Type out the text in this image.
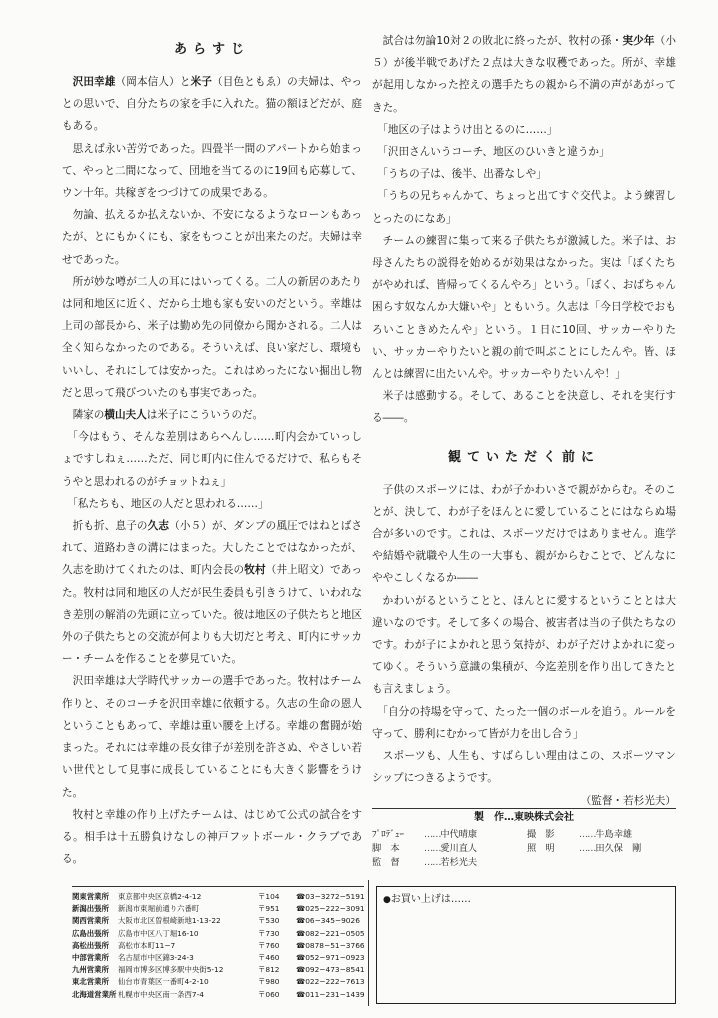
あらすじ

沢田幸雄（岡本信人）と米子（目色ともゑ）の夫婦は、やっとの思いで、自分たちの家を手に入れた。猫の額ほどだが、庭もある。

思えば永い苦労であった。四畳半一間のアパートから始まって、やっと二間になって、団地を当てるのに19回も応募して、ウン十年。共稼ぎをつづけての成果である。

勿論、払えるか払えないか、不安になるようなローンもあったが、とにもかくにも、家をもつことが出来たのだ。夫婦は幸せであった。

所が妙な噂が二人の耳にはいってくる。二人の新居のあたりは同和地区に近く、だから土地も家も安いのだという。幸雄は上司の部長から、米子は勤め先の同僚から聞かされる。二人は全く知らなかったのである。そういえば、良い家だし、環境もいいし、それにしては安かった。これはめったにない掘出し物だと思って飛びついたのも事実であった。

隣家の横山夫人は米子にこういうのだ。

「今はもう、そんな差別はあらへんし……町内会かていっしょですしねぇ……ただ、同じ町内に住んでるだけで、私らもそうやと思われるのがチョットねぇ」

「私たちも、地区の人だと思われる……」

折も折、息子の久志（小５）が、ダンプの風圧ではねとばされて、道路わきの溝にはまった。大したことではなかったが、久志を助けてくれたのは、町内会長の牧村（井上昭文）であった。牧村は同和地区の人だが民生委員も引きうけて、いわれなき差別の解消の先頭に立っていた。彼は地区の子供たちと地区外の子供たちとの交流が何よりも大切だと考え、町内にサッカー・チームを作ることを夢見ていた。

沢田幸雄は大学時代サッカーの選手であった。牧村はチーム作りと、そのコーチを沢田幸雄に依頼する。久志の生命の恩人ということもあって、幸雄は重い腰を上げる。幸雄の奮闘が始まった。それには幸雄の長女律子が差別を許さぬ、やさしい若い世代として見事に成長していることにも大きく影響をうけた。

牧村と幸雄の作り上げたチームは、はじめて公式の試合をする。相手は十五勝負けなしの神戸フットボール・クラブである。

試合は勿論10対２の敗北に終ったが、牧村の孫・実少年（小５）が後半戦であげた２点は大きな収穫であった。所が、幸雄が起用しなかった控えの選手たちの親から不満の声があがってきた。

「地区の子はようけ出とるのに……」

「沢田さんいうコーチ、地区のひいきと違うか」

「うちの子は、後半、出番なしや」

「うちの兄ちゃんかて、ちょっと出てすぐ交代よ。よう練習しとったのになあ」

チームの練習に集って来る子供たちが激減した。米子は、お母さんたちの説得を始めるが効果はなかった。実は「ぼくたちがやめれば、皆帰ってくるんやろ」という。「ぼく、おばちゃん困らす奴なんか大嫌いや」ともいう。久志は「今日学校でおもろいこときめたんや」という。１日に10回、サッカーやりたい、サッカーやりたいと親の前で叫ぶことにしたんや。皆、ほんとは練習に出たいんや。サッカーやりたいんや！」

米子は感動する。そして、あることを決意し、それを実行する――。

観ていただく前に

子供のスポーツには、わが子かわいさで親がからむ。そのことが、決して、わが子をほんとに愛していることにはならぬ場合が多いのです。これは、スポーツだけではありません。進学や結婚や就職や人生の一大事も、親がからむことで、どんなにややこしくなるか――

かわいがるということと、ほんとに愛するということとは大違いなのです。そして多くの場合、被害者は当の子供たちなのです。わが子によかれと思う気持が、わが子だけよかれに変ってゆく。そういう意識の集積が、今迄差別を作り出してきたとも言えましょう。

「自分の持場を守って、たった一個のボールを追う。ルールを守って、勝利にむかって皆が力を出し合う」

スポーツも、人生も、すばらしい理由はこの、スポーツマンシップにつきるようです。

（監督・若杉光夫）
製　作…東映株式会社
ﾌﾟﾛﾃﾞｭｰ	…… 中代晴康	撮　影	…… 牛島幸雄
脚　本	…… 愛川直人	照　明	…… 田久保　剛
監　督	…… 若杉光夫
関東営業所	東京都中央区京橋2-4-12	〒104	☎03−3272−5191
新潟出張所	新潟市東堀前通り六番町	〒951	☎025−222−3091
関西営業所	大阪市北区曽根崎新地1-13-22	〒530	☎06−345−9026
広島出張所	広島市中区八丁堀16-10	〒730	☎082−221−0505
高松出張所	高松市本町11−7	〒760	☎0878−51−3766
中部営業所	名古屋市中区錦3-24-3	〒460	☎052−971−0923
九州営業所	福岡市博多区博多駅中央街5-12	〒812	☎092−473−8541
東北営業所	仙台市青葉区一番町4-2-10	〒980	☎022−222−7613
北海道営業所 札幌市中央区南一条西7-4	〒060	☎011−231−1439
●お買い上げは……
